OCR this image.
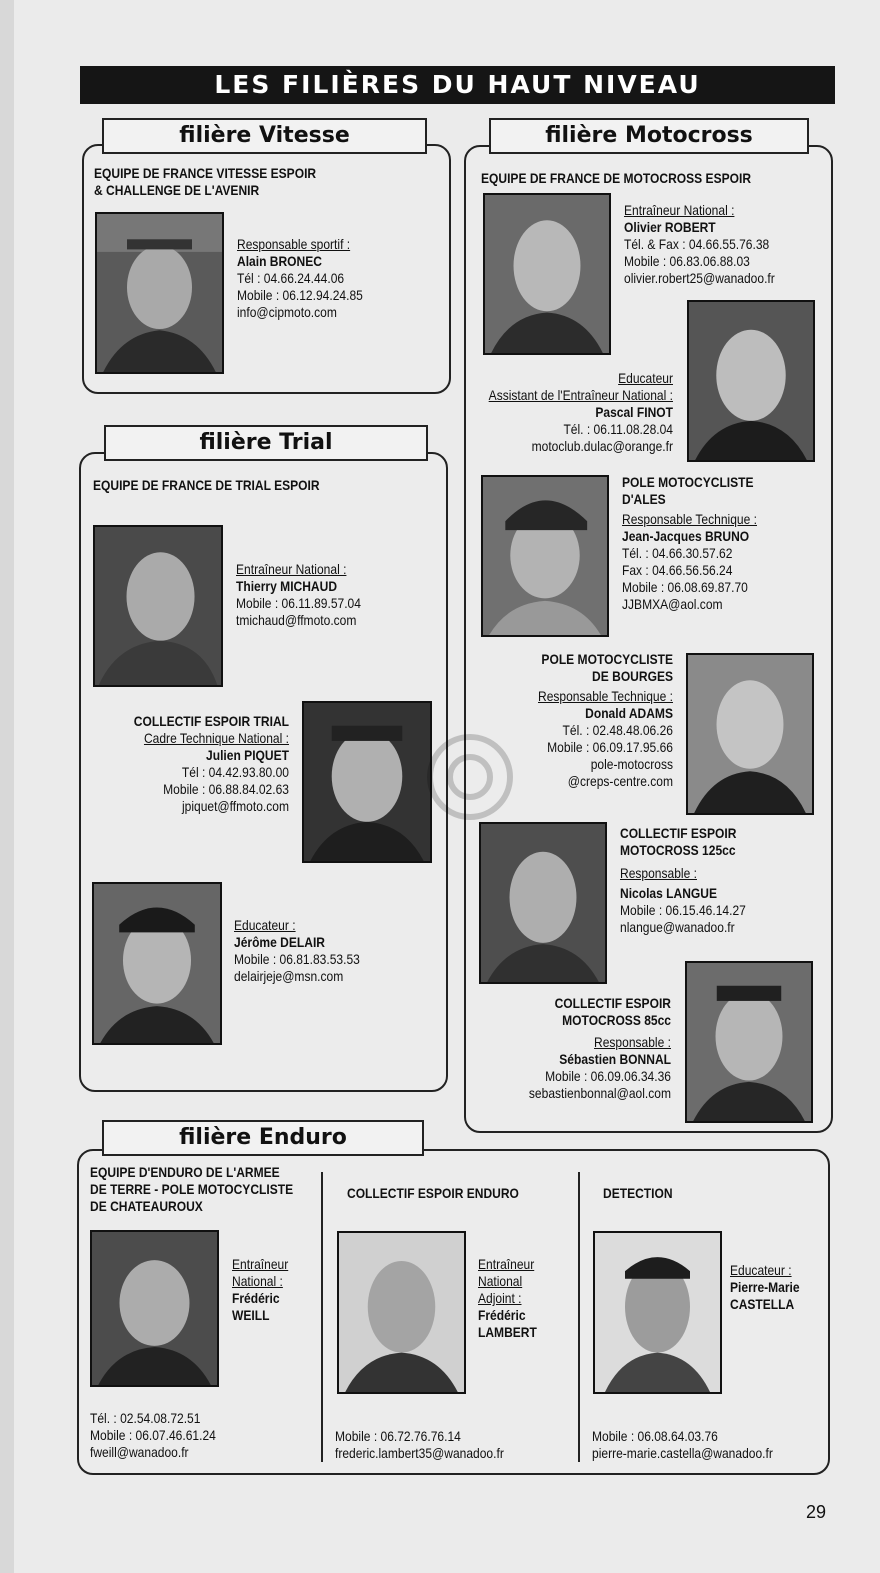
LES FILIÈRES DU HAUT NIVEAU
filière Vitesse
EQUIPE DE FRANCE VITESSE ESPOIR
& CHALLENGE DE L'AVENIR
Responsable sportif :
Alain BRONEC
Tél : 04.66.24.44.06
Mobile : 06.12.94.24.85
info@cipmoto.com
filière Trial
EQUIPE DE FRANCE DE TRIAL ESPOIR
Entraîneur National :
Thierry MICHAUD
Mobile : 06.11.89.57.04
tmichaud@ffmoto.com
COLLECTIF ESPOIR TRIAL
Cadre Technique National :
Julien PIQUET
Tél : 04.42.93.80.00
Mobile : 06.88.84.02.63
jpiquet@ffmoto.com
Educateur :
Jérôme DELAIR
Mobile : 06.81.83.53.53
delairjeje@msn.com
filière Motocross
EQUIPE DE FRANCE DE MOTOCROSS ESPOIR
Entraîneur National :
Olivier ROBERT
Tél. & Fax : 04.66.55.76.38
Mobile : 06.83.06.88.03
olivier.robert25@wanadoo.fr
Educateur
Assistant de l'Entraîneur National :
Pascal FINOT
Tél. : 06.11.08.28.04
motoclub.dulac@orange.fr
POLE MOTOCYCLISTE
D'ALES
Responsable Technique :
Jean-Jacques BRUNO
Tél. : 04.66.30.57.62
Fax : 04.66.56.56.24
Mobile : 06.08.69.87.70
JJBMXA@aol.com
POLE MOTOCYCLISTE
DE BOURGES
Responsable Technique :
Donald ADAMS
Tél. : 02.48.48.06.26
Mobile : 06.09.17.95.66
pole-motocross
@creps-centre.com
COLLECTIF ESPOIR
MOTOCROSS 125cc
Responsable :
Nicolas LANGUE
Mobile : 06.15.46.14.27
nlangue@wanadoo.fr
COLLECTIF ESPOIR
MOTOCROSS 85cc
Responsable :
Sébastien BONNAL
Mobile : 06.09.06.34.36
sebastienbonnal@aol.com
filière Enduro
EQUIPE D'ENDURO DE L'ARMEE
DE TERRE - POLE MOTOCYCLISTE
DE CHATEAUROUX
Entraîneur
National :
Frédéric
WEILL
Tél. : 02.54.08.72.51
Mobile : 06.07.46.61.24
fweill@wanadoo.fr
COLLECTIF ESPOIR ENDURO
Entraîneur
National
Adjoint :
Frédéric
LAMBERT
Mobile : 06.72.76.76.14
frederic.lambert35@wanadoo.fr
DETECTION
Educateur :
Pierre-Marie
CASTELLA
Mobile : 06.08.64.03.76
pierre-marie.castella@wanadoo.fr
29
